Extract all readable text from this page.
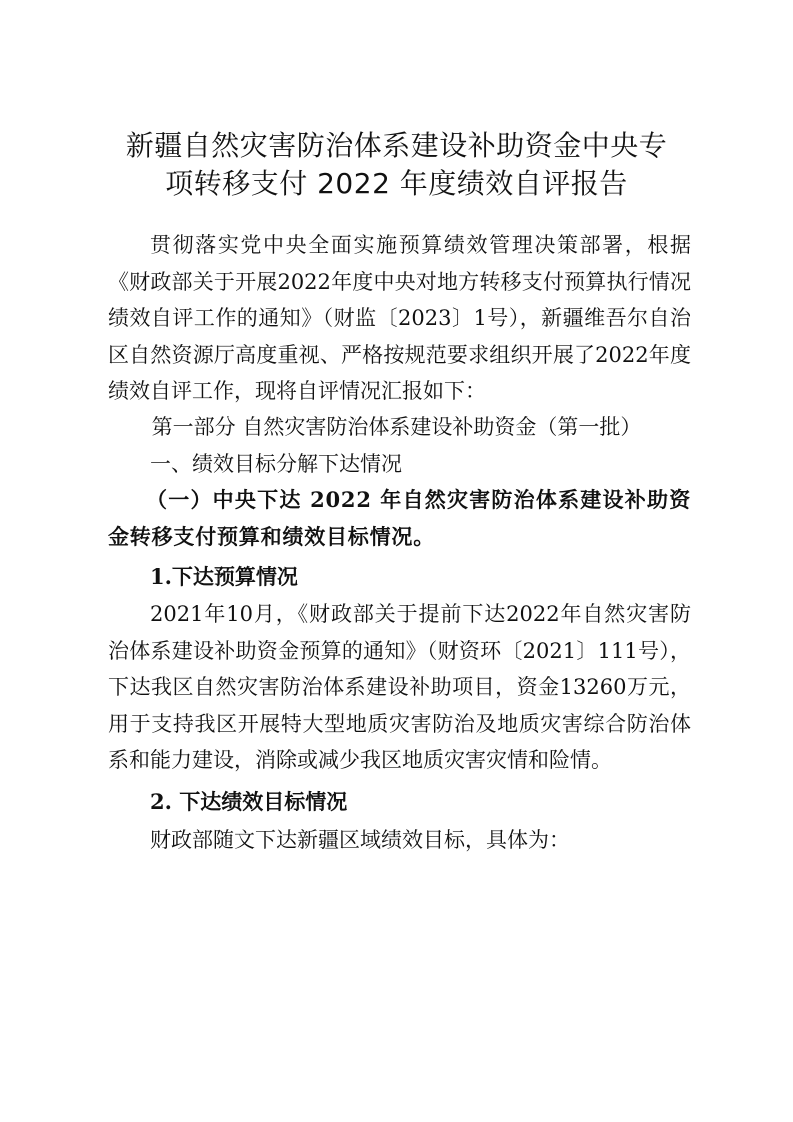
新疆自然灾害防治体系建设补助资金中央专
项转移支付 2022 年度绩效自评报告

贯彻落实党中央全面实施预算绩效管理决策部署，根据《财政部关于开展2022年度中央对地方转移支付预算执行情况绩效自评工作的通知》（财监〔2023〕1号），新疆维吾尔自治区自然资源厅高度重视、严格按规范要求组织开展了2022年度绩效自评工作，现将自评情况汇报如下：

第一部分 自然灾害防治体系建设补助资金（第一批）

一、绩效目标分解下达情况

（一）中央下达 2022 年自然灾害防治体系建设补助资金转移支付预算和绩效目标情况。

1.下达预算情况

2021年10月，《财政部关于提前下达2022年自然灾害防治体系建设补助资金预算的通知》（财资环〔2021〕111号），下达我区自然灾害防治体系建设补助项目，资金13260万元，用于支持我区开展特大型地质灾害防治及地质灾害综合防治体系和能力建设，消除或减少我区地质灾害灾情和险情。

2. 下达绩效目标情况

财政部随文下达新疆区域绩效目标，具体为：
